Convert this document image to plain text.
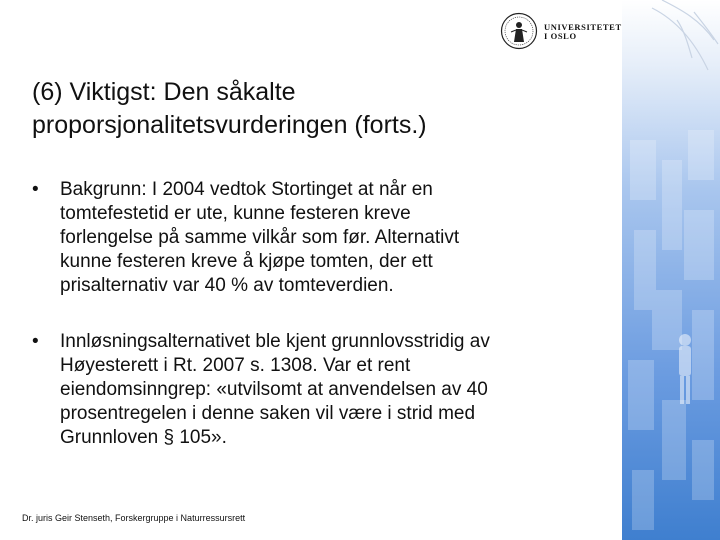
UNIVERSITETET
I OSLO
(6) Viktigst: Den såkalte
proporsjonalitetsvurderingen (forts.)
• Bakgrunn: I 2004 vedtok Stortinget at når en
tomtefestetid er ute, kunne festeren kreve
forlengelse på samme vilkår som før. Alternativt
kunne festeren kreve å kjøpe tomten, der ett
prisalternativ var 40 % av tomteverdien.
• Innløsningsalternativet ble kjent grunnlovsstridig av
Høyesterett i Rt. 2007 s. 1308. Var et rent
eiendomsinngrep: «utvilsomt at anvendelsen av 40
prosentregelen i denne saken vil være i strid med
Grunnloven § 105».
Dr. juris Geir Stenseth, Forskergruppe i Naturressursrett
